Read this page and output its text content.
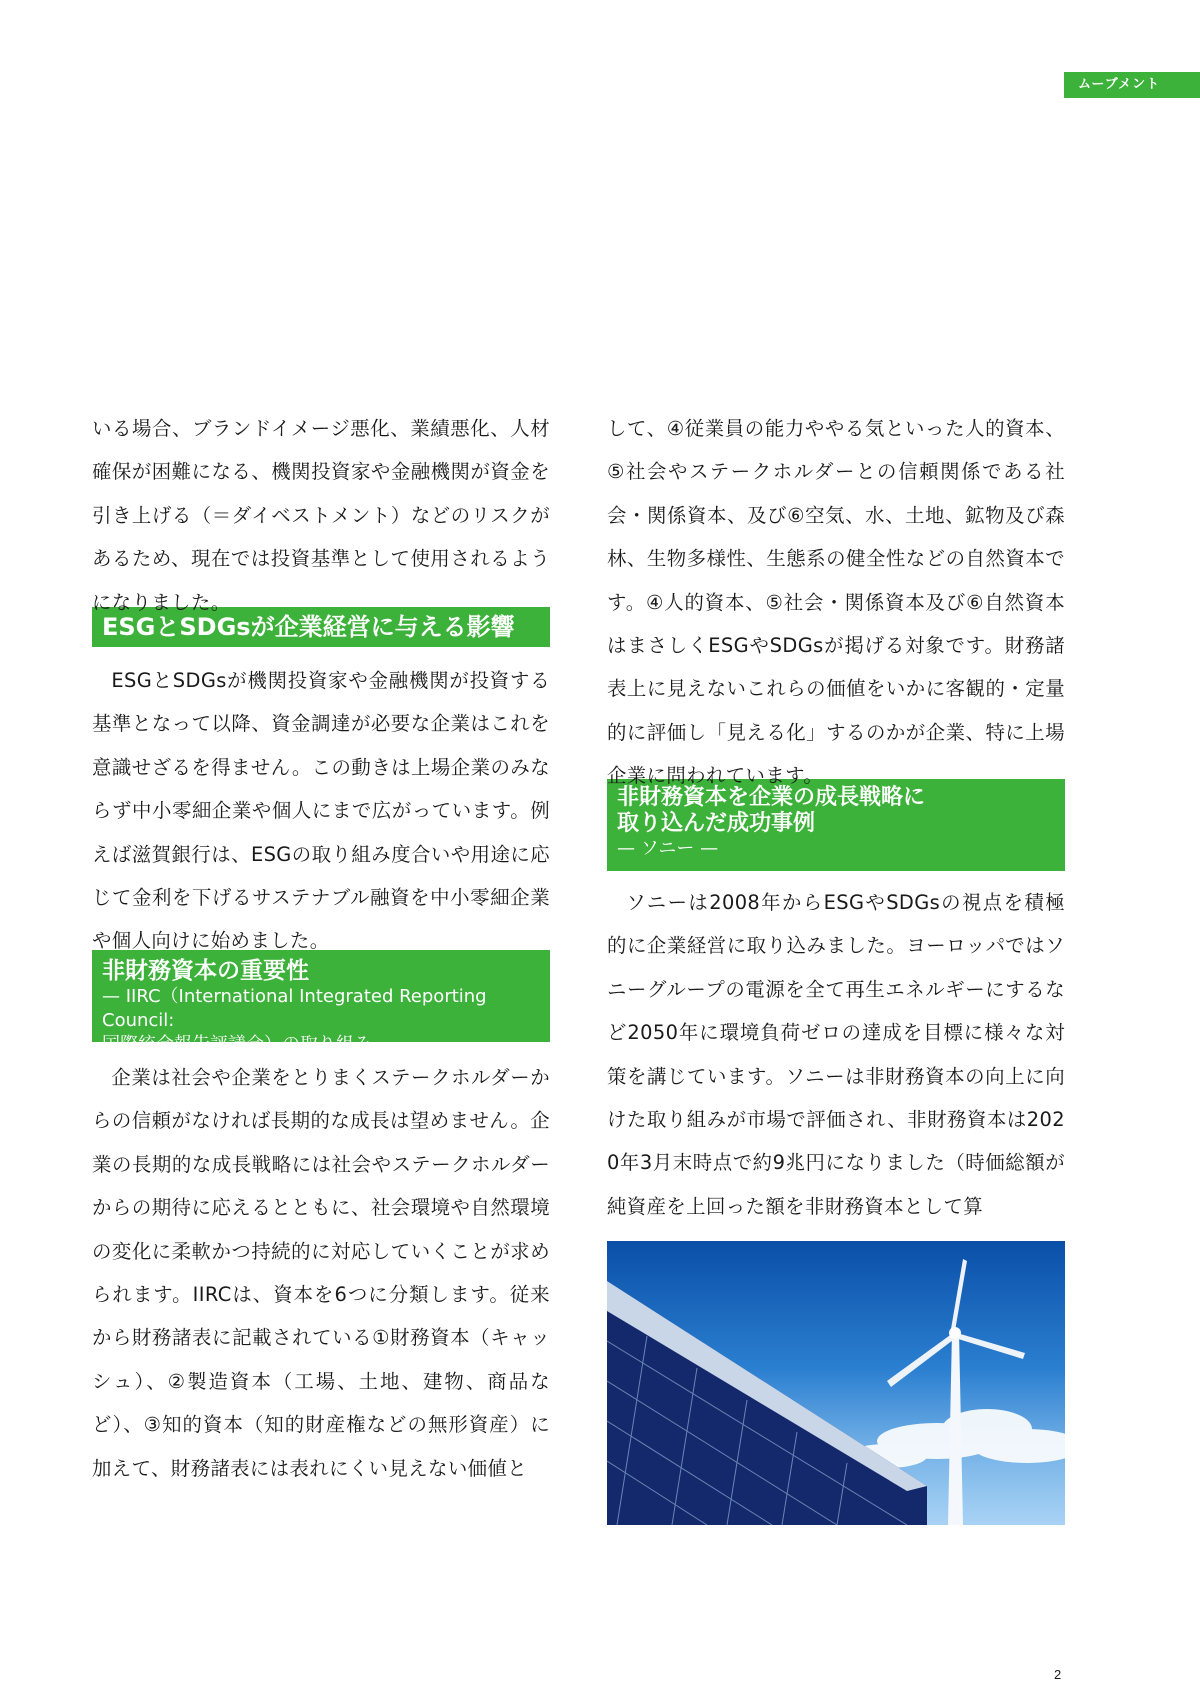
ムーブメント

いる場合、ブランドイメージ悪化、業績悪化、人材確保が困難になる、機関投資家や金融機関が資金を引き上げる（＝ダイベストメント）などのリスクがあるため、現在では投資基準として使用されるようになりました。

ESGとSDGsが企業経営に与える影響

ESGとSDGsが機関投資家や金融機関が投資する基準となって以降、資金調達が必要な企業はこれを意識せざるを得ません。この動きは上場企業のみならず中小零細企業や個人にまで広がっています。例えば滋賀銀行は、ESGの取り組み度合いや用途に応じて金利を下げるサステナブル融資を中小零細企業や個人向けに始めました。

非財務資本の重要性
— IIRC（International Integrated Reporting Council:
国際統合報告評議会）の取り組み —

企業は社会や企業をとりまくステークホルダーからの信頼がなければ長期的な成長は望めません。企業の長期的な成長戦略には社会やステークホルダーからの期待に応えるとともに、社会環境や自然環境の変化に柔軟かつ持続的に対応していくことが求められます。IIRCは、資本を6つに分類します。従来から財務諸表に記載されている①財務資本（キャッシュ）、②製造資本（工場、土地、建物、商品など）、③知的資本（知的財産権などの無形資産）に加えて、財務諸表には表れにくい見えない価値と

して、④従業員の能力ややる気といった人的資本、⑤社会やステークホルダーとの信頼関係である社会・関係資本、及び⑥空気、水、土地、鉱物及び森林、生物多様性、生態系の健全性などの自然資本です。④人的資本、⑤社会・関係資本及び⑥自然資本はまさしくESGやSDGsが掲げる対象です。財務諸表上に見えないこれらの価値をいかに客観的・定量的に評価し「見える化」するのかが企業、特に上場企業に問われています。

非財務資本を企業の成長戦略に
取り込んだ成功事例
— ソニー —

ソニーは2008年からESGやSDGsの視点を積極的に企業経営に取り込みました。ヨーロッパではソニーグループの電源を全て再生エネルギーにするなど2050年に環境負荷ゼロの達成を目標に様々な対策を講じています。ソニーは非財務資本の向上に向けた取り組みが市場で評価され、非財務資本は2020年3月末時点で約9兆円になりました（時価総額が純資産を上回った額を非財務資本として算

2
